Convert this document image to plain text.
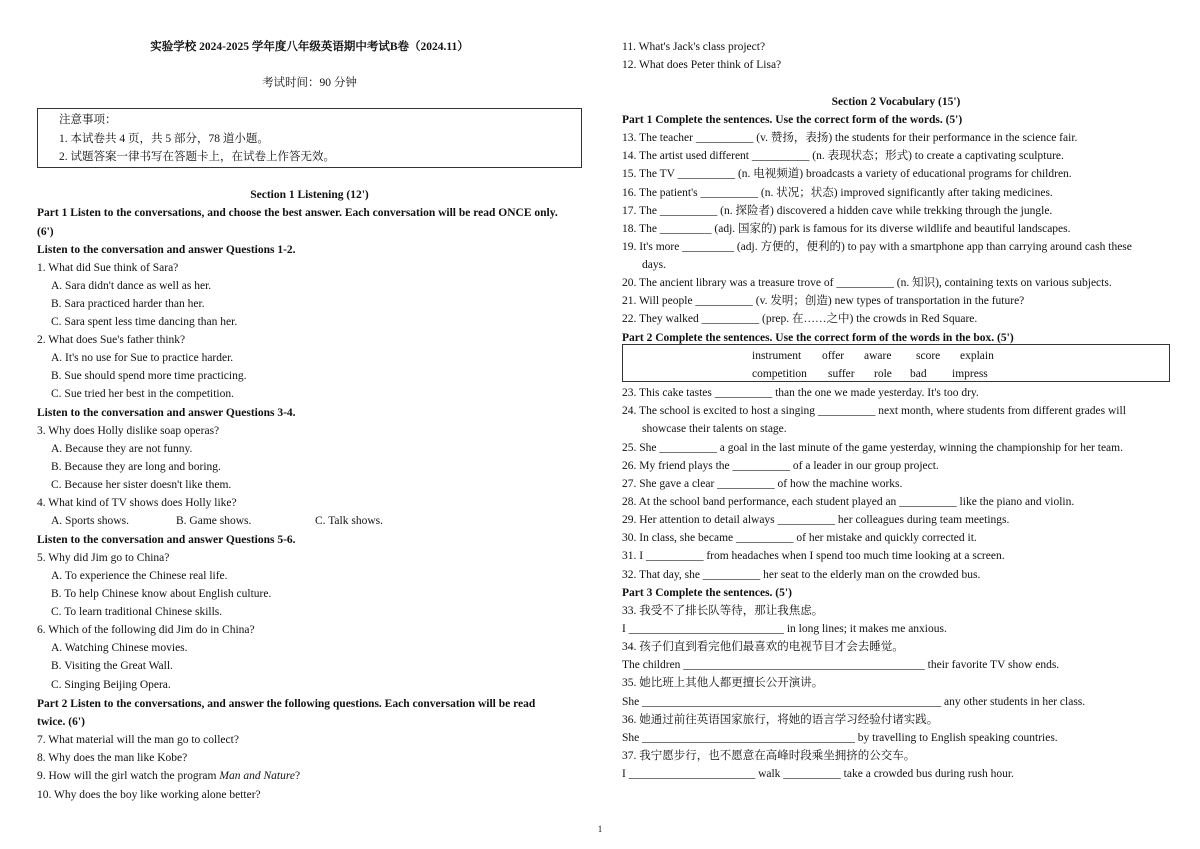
实验学校 2024-2025 学年度八年级英语期中考试B卷（2024.11）
考试时间：90 分钟
注意事项：
1. 本试卷共 4 页，共 5 部分，78 道小题。
2. 试题答案一律书写在答题卡上，在试卷上作答无效。
Section 1 Listening (12')
Part 1 Listen to the conversations, and choose the best answer. Each conversation will be read ONCE only.
(6')
Listen to the conversation and answer Questions 1-2.
1. What did Sue think of Sara?
A. Sara didn't dance as well as her.
B. Sara practiced harder than her.
C. Sara spent less time dancing than her.
2. What does Sue's father think?
A. It's no use for Sue to practice harder.
B. Sue should spend more time practicing.
C. Sue tried her best in the competition.
Listen to the conversation and answer Questions 3-4.
3. Why does Holly dislike soap operas?
A. Because they are not funny.
B. Because they are long and boring.
C. Because her sister doesn't like them.
4. What kind of TV shows does Holly like?
A. Sports shows.	B. Game shows.	C. Talk shows.
Listen to the conversation and answer Questions 5-6.
5. Why did Jim go to China?
A. To experience the Chinese real life.
B. To help Chinese know about English culture.
C. To learn traditional Chinese skills.
6. Which of the following did Jim do in China?
A. Watching Chinese movies.
B. Visiting the Great Wall.
C. Singing Beijing Opera.
Part 2 Listen to the conversations, and answer the following questions. Each conversation will be read
twice. (6')
7. What material will the man go to collect?
8. Why does the man like Kobe?
9. How will the girl watch the program Man and Nature?
10. Why does the boy like working alone better?
11. What's Jack's class project?
12. What does Peter think of Lisa?
Section 2 Vocabulary (15')
Part 1 Complete the sentences. Use the correct form of the words. (5')
13. The teacher __________ (v. 赞扬，表扬) the students for their performance in the science fair.
14. The artist used different __________ (n. 表现状态；形式) to create a captivating sculpture.
15. The TV __________ (n. 电视频道) broadcasts a variety of educational programs for children.
16. The patient's __________ (n. 状况；状态) improved significantly after taking medicines.
17. The __________ (n. 探险者) discovered a hidden cave while trekking through the jungle.
18. The _________ (adj. 国家的) park is famous for its diverse wildlife and beautiful landscapes.
19. It's more _________ (adj. 方便的，便利的) to pay with a smartphone app than carrying around cash these
days.
20. The ancient library was a treasure trove of __________ (n. 知识), containing texts on various subjects.
21. Will people __________ (v. 发明；创造) new types of transportation in the future?
22. They walked __________ (prep. 在……之中) the crowds in Red Square.
Part 2 Complete the sentences. Use the correct form of the words in the box. (5')
instrument offer aware score explain
competition suffer role bad impress
23. This cake tastes __________ than the one we made yesterday. It's too dry.
24. The school is excited to host a singing __________ next month, where students from different grades will
showcase their talents on stage.
25. She __________ a goal in the last minute of the game yesterday, winning the championship for her team.
26. My friend plays the __________ of a leader in our group project.
27. She gave a clear __________ of how the machine works.
28. At the school band performance, each student played an __________ like the piano and violin.
29. Her attention to detail always __________ her colleagues during team meetings.
30. In class, she became __________ of her mistake and quickly corrected it.
31. I __________ from headaches when I spend too much time looking at a screen.
32. That day, she __________ her seat to the elderly man on the crowded bus.
Part 3 Complete the sentences. (5')
33. 我受不了排长队等待，那让我焦虑。
I ___________________________ in long lines; it makes me anxious.
34. 孩子们直到看完他们最喜欢的电视节目才会去睡觉。
The children __________________________________________ their favorite TV show ends.
35. 她比班上其他人都更擅长公开演讲。
She ____________________________________________________ any other students in her class.
36. 她通过前往英语国家旅行，将她的语言学习经验付诸实践。
She _____________________________________ by travelling to English speaking countries.
37. 我宁愿步行，也不愿意在高峰时段乘坐拥挤的公交车。
I ______________________ walk __________ take a crowded bus during rush hour.
1
